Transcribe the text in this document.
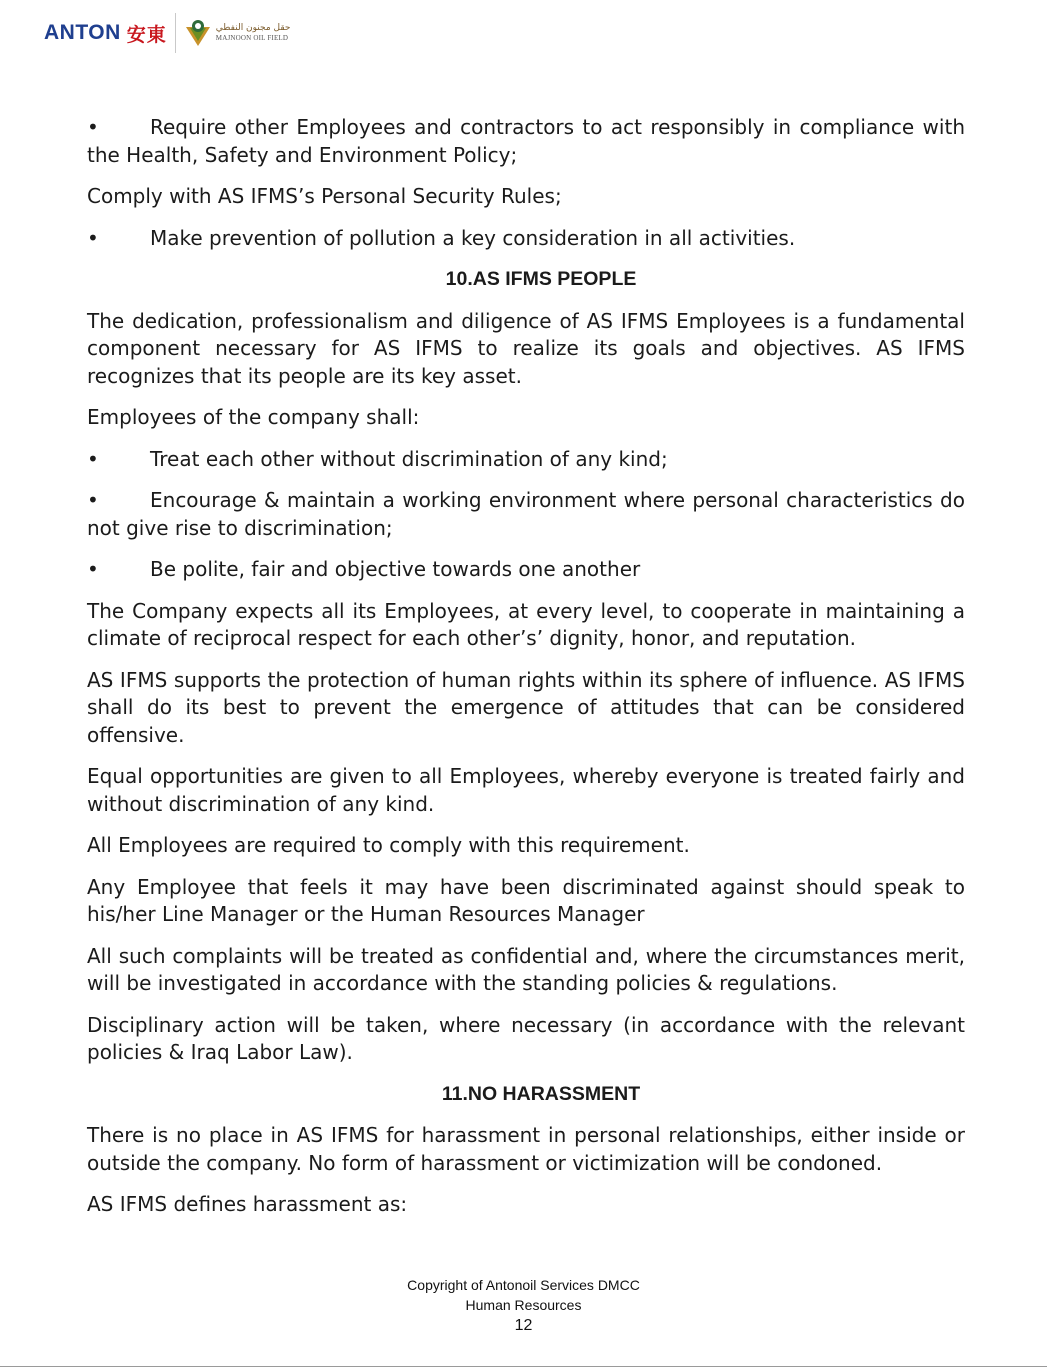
ANTON 安東	حقل مجنون النفطي
MAJNOON OIL FIELD

•	Require other Employees and contractors to act responsibly in compliance with the Health, Safety and Environment Policy;

Comply with AS IFMS’s Personal Security Rules;

•	Make prevention of pollution a key consideration in all activities.

10.AS IFMS PEOPLE

The dedication, professionalism and diligence of AS IFMS Employees is a fundamental component necessary for AS IFMS to realize its goals and objectives. AS IFMS recognizes that its people are its key asset.

Employees of the company shall:

•	Treat each other without discrimination of any kind;

•	Encourage & maintain a working environment where personal characteristics do not give rise to discrimination;

•	Be polite, fair and objective towards one another

The Company expects all its Employees, at every level, to cooperate in maintaining a climate of reciprocal respect for each other’s’ dignity, honor, and reputation.

AS IFMS supports the protection of human rights within its sphere of influence. AS IFMS shall do its best to prevent the emergence of attitudes that can be considered offensive.

Equal opportunities are given to all Employees, whereby everyone is treated fairly and without discrimination of any kind.

All Employees are required to comply with this requirement.

Any Employee that feels it may have been discriminated against should speak to his/her Line Manager or the Human Resources Manager

All such complaints will be treated as confidential and, where the circumstances merit, will be investigated in accordance with the standing policies & regulations.

Disciplinary action will be taken, where necessary (in accordance with the relevant policies & Iraq Labor Law).

11.NO HARASSMENT

There is no place in AS IFMS for harassment in personal relationships, either inside or outside the company. No form of harassment or victimization will be condoned.

AS IFMS defines harassment as:

Copyright of Antonoil Services DMCC
Human Resources
12
